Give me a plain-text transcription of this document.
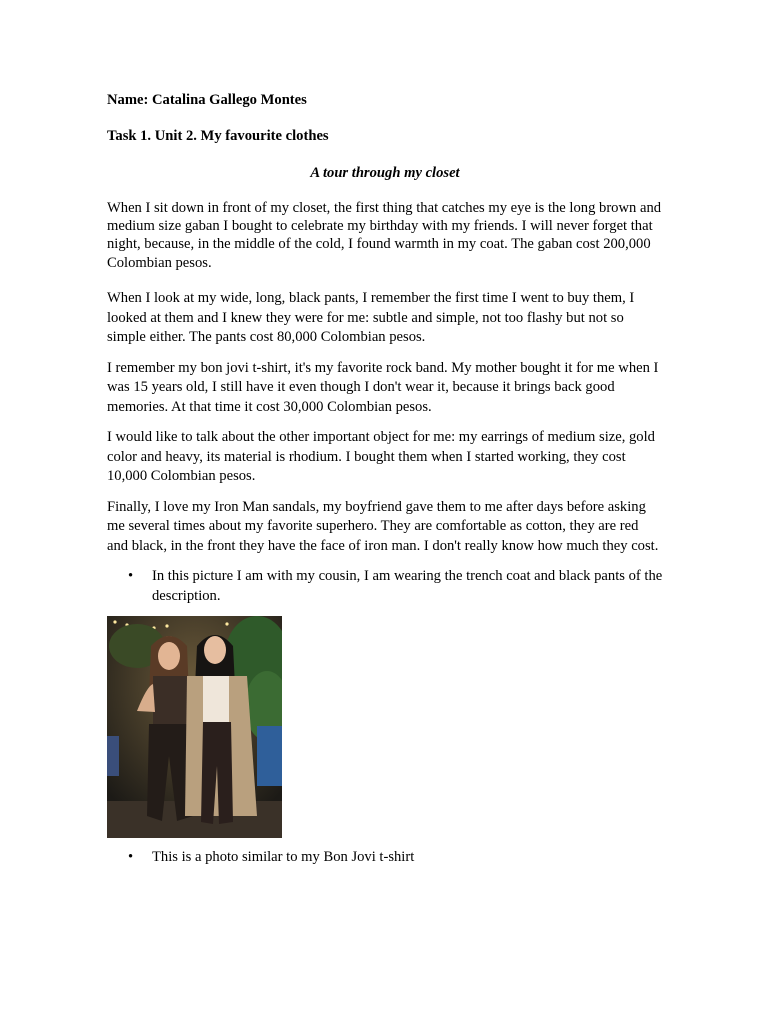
Name: Catalina Gallego Montes

Task 1. Unit 2. My favourite clothes

A tour through my closet

When I sit down in front of my closet, the first thing that catches my eye is the long brown and medium size gaban I bought to celebrate my birthday with my friends. I will never forget that night, because, in the middle of the cold, I found warmth in my coat. The gaban cost 200,000 Colombian pesos.

When I look at my wide, long, black pants, I remember the first time I went to buy them, I looked at them and I knew they were for me: subtle and simple, not too flashy but not so simple either. The pants cost 80,000 Colombian pesos.

I remember my bon jovi t-shirt, it's my favorite rock band. My mother bought it for me when I was 15 years old, I still have it even though I don't wear it, because it brings back good memories. At that time it cost 30,000 Colombian pesos.

I would like to talk about the other important object for me: my earrings of medium size, gold color and heavy, its material is rhodium. I bought them when I started working, they cost 10,000 Colombian pesos.

Finally, I love my Iron Man sandals, my boyfriend gave them to me after days before asking me several times about my favorite superhero. They are comfortable as cotton, they are red and black, in the front they have the face of iron man. I don't really know how much they cost.

• In this picture I am with my cousin, I am wearing the trench coat and black pants of the description.
• This is a photo similar to my Bon Jovi t-shirt
